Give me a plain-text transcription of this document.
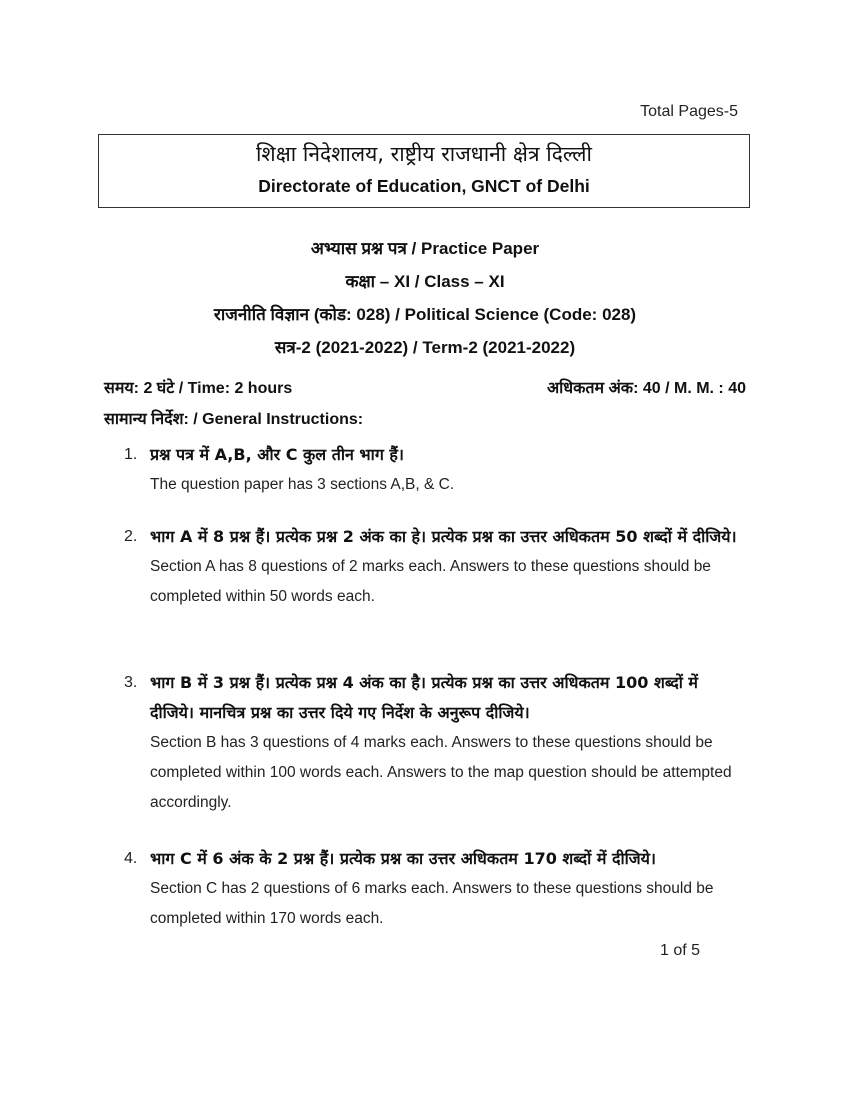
Total Pages-5
शिक्षा निदेशालय, राष्ट्रीय राजधानी क्षेत्र दिल्ली
Directorate of Education, GNCT of Delhi
अभ्यास प्रश्न पत्र / Practice Paper
कक्षा – XI / Class – XI
राजनीति विज्ञान (कोड: 028) / Political Science (Code: 028)
सत्र-2 (2021-2022) / Term-2 (2021-2022)
समय: 2 घंटे / Time: 2 hours	अधिकतम अंक: 40 / M. M. : 40
सामान्य निर्देश: / General Instructions:
1. प्रश्न पत्र में A,B, और C कुल तीन भाग हैं।
The question paper has 3 sections A,B, & C.
2. भाग A में 8 प्रश्न हैं। प्रत्येक प्रश्न 2 अंक का हे। प्रत्येक प्रश्न का उत्तर अधिकतम 50 शब्दों में दीजिये।
Section A has 8 questions of 2 marks each. Answers to these questions should be completed within 50 words each.
3. भाग B में 3 प्रश्न हैं। प्रत्येक प्रश्न 4 अंक का है। प्रत्येक प्रश्न का उत्तर अधिकतम 100 शब्दों में दीजिये। मानचित्र प्रश्न का उत्तर दिये गए निर्देश के अनुरूप दीजिये।
Section B has 3 questions of 4 marks each. Answers to these questions should be completed within 100 words each. Answers to the map question should be attempted accordingly.
4. भाग C में 6 अंक के 2 प्रश्न हैं। प्रत्येक प्रश्न का उत्तर अधिकतम 170 शब्दों में दीजिये।
Section C has 2 questions of 6 marks each. Answers to these questions should be completed within 170 words each.
1 of 5
